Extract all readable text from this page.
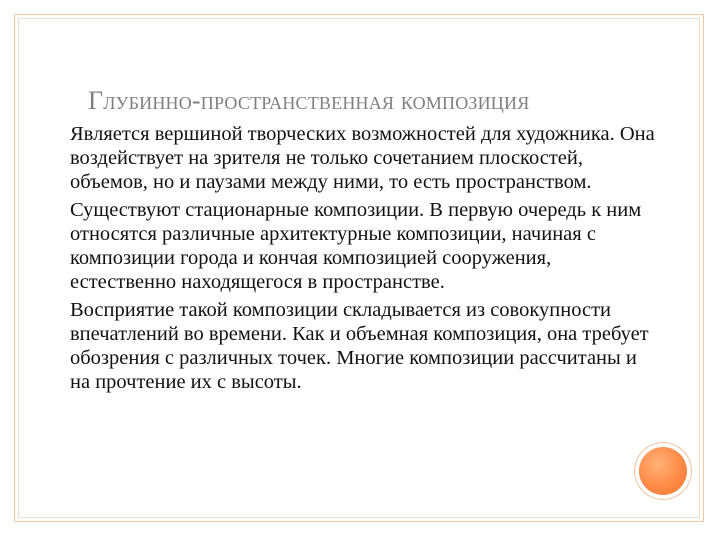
Глубинно-пространственная композиция

Является вершиной творческих возможностей для художника. Она воздействует на зрителя не только сочетанием плоскостей, объемов, но и паузами между ними, то есть пространством.

Существуют стационарные композиции. В первую очередь к ним относятся различные архитектурные композиции, начиная с композиции города и кончая композицией сооружения, естественно находящегося в пространстве.

Восприятие такой композиции складывается из совокупности впечатлений во времени. Как и объемная композиция, она требует обозрения с различных точек. Многие композиции рассчитаны и на прочтение их с высоты.
